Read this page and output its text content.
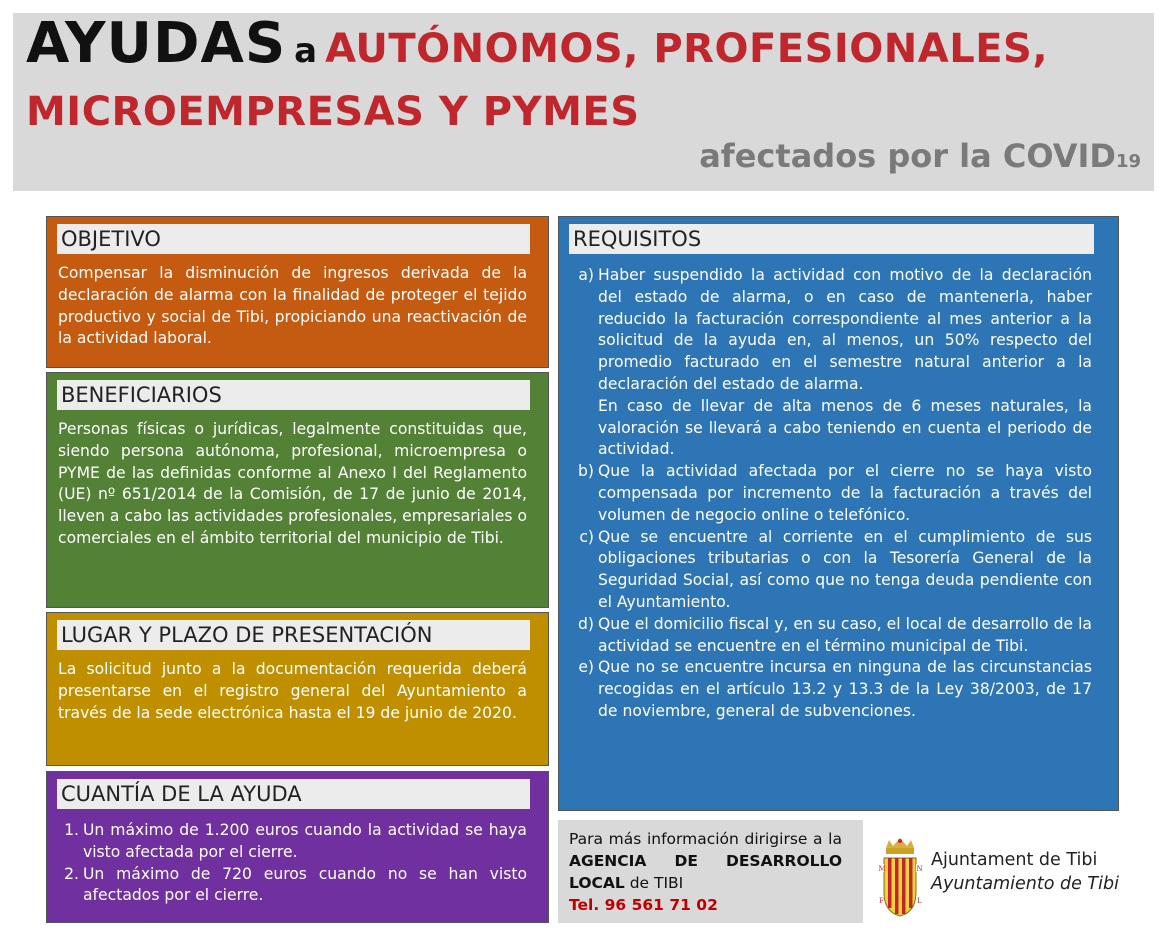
AYUDAS a AUTÓNOMOS, PROFESIONALES,
MICROEMPRESAS Y PYMES
afectados por la COVID19
OBJETIVO
Compensar la disminución de ingresos derivada de la declaración de alarma con la finalidad de proteger el tejido productivo y social de Tibi, propiciando una reactivación de la actividad laboral.
BENEFICIARIOS
Personas físicas o jurídicas, legalmente constituidas que, siendo persona autónoma, profesional, microempresa o PYME de las definidas conforme al Anexo I del Reglamento (UE) nº 651/2014 de la Comisión, de 17 de junio de 2014, lleven a cabo las actividades profesionales, empresariales o comerciales en el ámbito territorial del municipio de Tibi.
LUGAR Y PLAZO DE PRESENTACIÓN
La solicitud junto a la documentación requerida deberá presentarse en el registro general del Ayuntamiento a través de la sede electrónica hasta el 19 de junio de 2020.
CUANTÍA DE LA AYUDA
1. Un máximo de 1.200 euros cuando la actividad se haya visto afectada por el cierre.
2. Un máximo de 720 euros cuando no se han visto afectados por el cierre.
REQUISITOS
a) Haber suspendido la actividad con motivo de la declaración del estado de alarma, o en caso de mantenerla, haber reducido la facturación correspondiente al mes anterior a la solicitud de la ayuda en, al menos, un 50% respecto del promedio facturado en el semestre natural anterior a la declaración del estado de alarma.
En caso de llevar de alta menos de 6 meses naturales, la valoración se llevará a cabo teniendo en cuenta el periodo de actividad.
b) Que la actividad afectada por el cierre no se haya visto compensada por incremento de la facturación a través del volumen de negocio online o telefónico.
c) Que se encuentre al corriente en el cumplimiento de sus obligaciones tributarias o con la Tesorería General de la Seguridad Social, así como que no tenga deuda pendiente con el Ayuntamiento.
d) Que el domicilio fiscal y, en su caso, el local de desarrollo de la actividad se encuentre en el término municipal de Tibi.
e) Que no se encuentre incursa en ninguna de las circunstancias recogidas en el artículo 13.2 y 13.3 de la Ley 38/2003, de 17 de noviembre, general de subvenciones.
Para más información dirigirse a la AGENCIA DE DESARROLLO LOCAL de TIBI
Tel. 96 561 71 02
M	N
F	L
Ajuntament de Tibi
Ayuntamiento de Tibi
